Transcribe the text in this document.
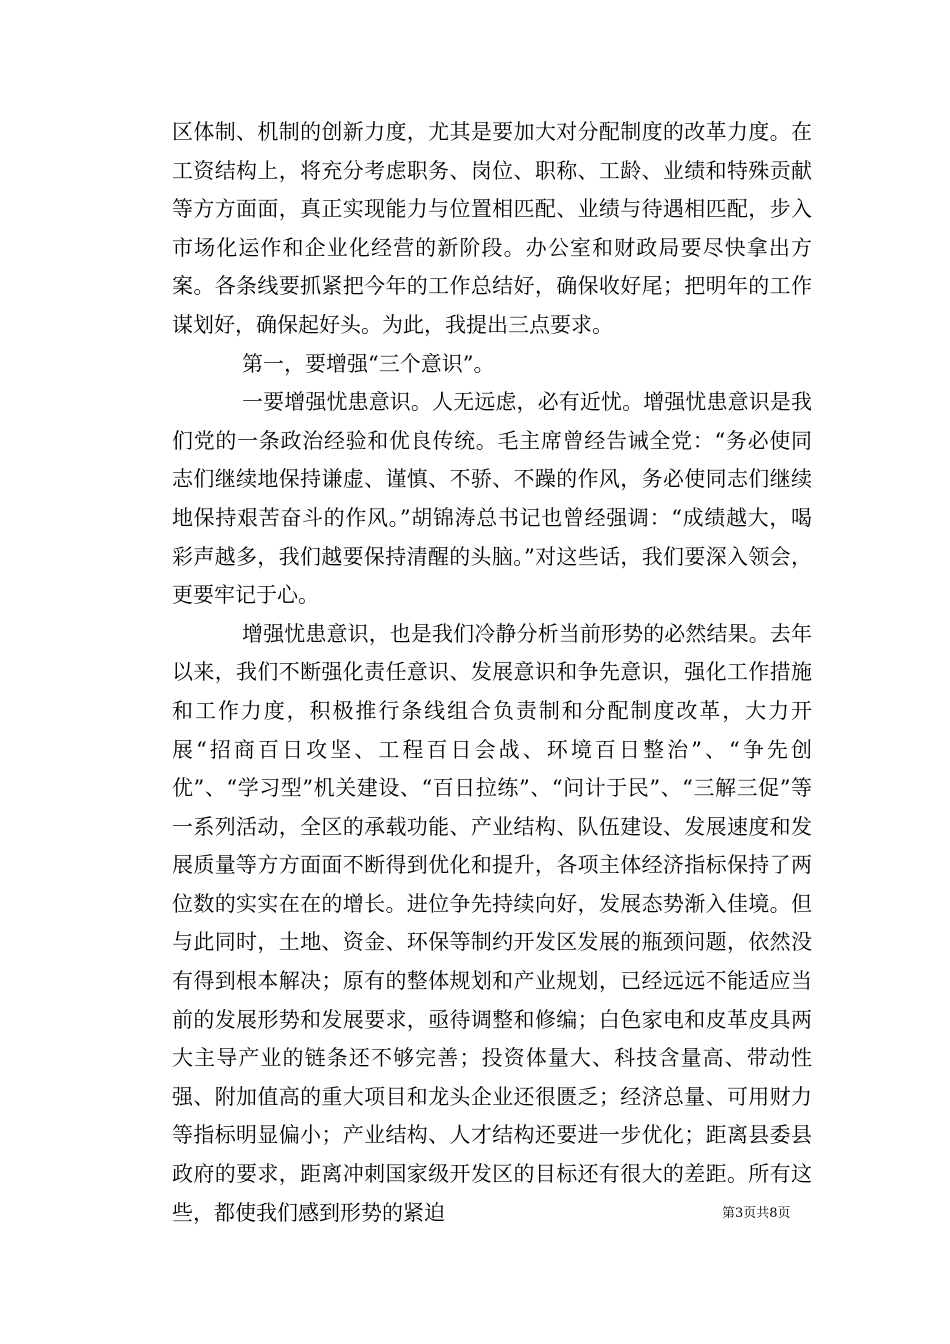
区体制、机制的创新力度，尤其是要加大对分配制度的改革力度。在工资结构上，将充分考虑职务、岗位、职称、工龄、业绩和特殊贡献等方方面面，真正实现能力与位置相匹配、业绩与待遇相匹配，步入市场化运作和企业化经营的新阶段。办公室和财政局要尽快拿出方案。各条线要抓紧把今年的工作总结好，确保收好尾；把明年的工作谋划好，确保起好头。为此，我提出三点要求。

第一，要增强“三个意识”。

一要增强忧患意识。人无远虑，必有近忧。增强忧患意识是我们党的一条政治经验和优良传统。毛主席曾经告诫全党：“务必使同志们继续地保持谦虚、谨慎、不骄、不躁的作风，务必使同志们继续地保持艰苦奋斗的作风。”胡锦涛总书记也曾经强调：“成绩越大，喝彩声越多，我们越要保持清醒的头脑。”对这些话，我们要深入领会，更要牢记于心。

增强忧患意识，也是我们冷静分析当前形势的必然结果。去年以来，我们不断强化责任意识、发展意识和争先意识，强化工作措施和工作力度，积极推行条线组合负责制和分配制度改革，大力开展“招商百日攻坚、工程百日会战、环境百日整治”、“争先创优”、“学习型”机关建设、“百日拉练”、“问计于民”、“三解三促”等一系列活动，全区的承载功能、产业结构、队伍建设、发展速度和发展质量等方方面面不断得到优化和提升，各项主体经济指标保持了两位数的实实在在的增长。进位争先持续向好，发展态势渐入佳境。但与此同时，土地、资金、环保等制约开发区发展的瓶颈问题，依然没有得到根本解决；原有的整体规划和产业规划，已经远远不能适应当前的发展形势和发展要求，亟待调整和修编；白色家电和皮革皮具两大主导产业的链条还不够完善；投资体量大、科技含量高、带动性强、附加值高的重大项目和龙头企业还很匮乏；经济总量、可用财力等指标明显偏小；产业结构、人才结构还要进一步优化；距离县委县政府的要求，距离冲刺国家级开发区的目标还有很大的差距。所有这些，都使我们感到形势的紧迫	第3页共8页
